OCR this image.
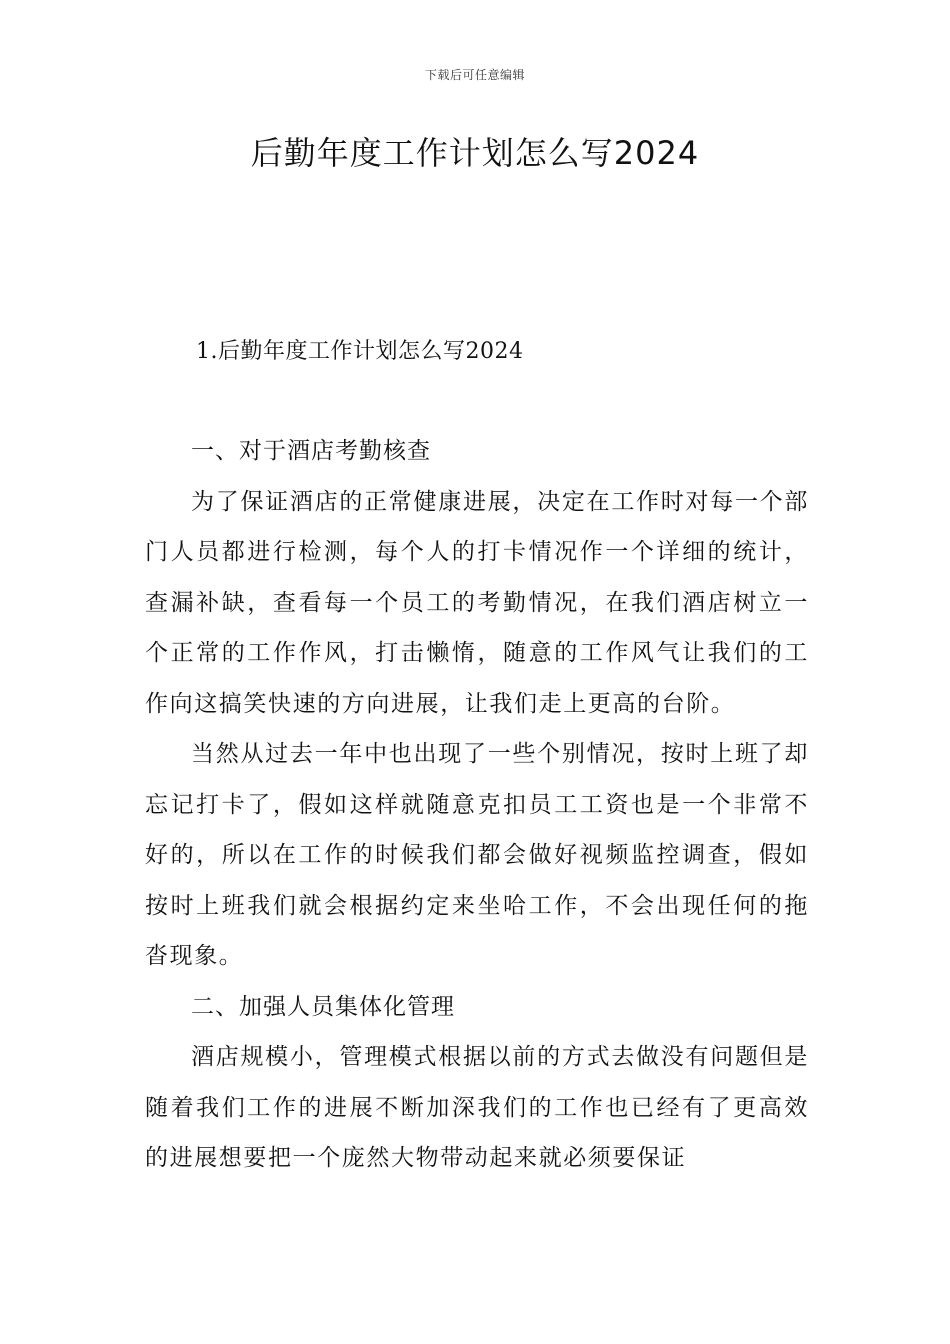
下载后可任意编辑
后勤年度工作计划怎么写2024
1.后勤年度工作计划怎么写2024

一、对于酒店考勤核查

为了保证酒店的正常健康进展，决定在工作时对每一个部门人员都进行检测，每个人的打卡情况作一个详细的统计，查漏补缺，查看每一个员工的考勤情况，在我们酒店树立一个正常的工作作风，打击懒惰，随意的工作风气让我们的工作向这搞笑快速的方向进展，让我们走上更高的台阶。

当然从过去一年中也出现了一些个别情况，按时上班了却忘记打卡了，假如这样就随意克扣员工工资也是一个非常不好的，所以在工作的时候我们都会做好视频监控调查，假如按时上班我们就会根据约定来坐哈工作，不会出现任何的拖沓现象。

二、加强人员集体化管理

酒店规模小，管理模式根据以前的方式去做没有问题但是随着我们工作的进展不断加深我们的工作也已经有了更高效的进展想要把一个庞然大物带动起来就必须要保证
